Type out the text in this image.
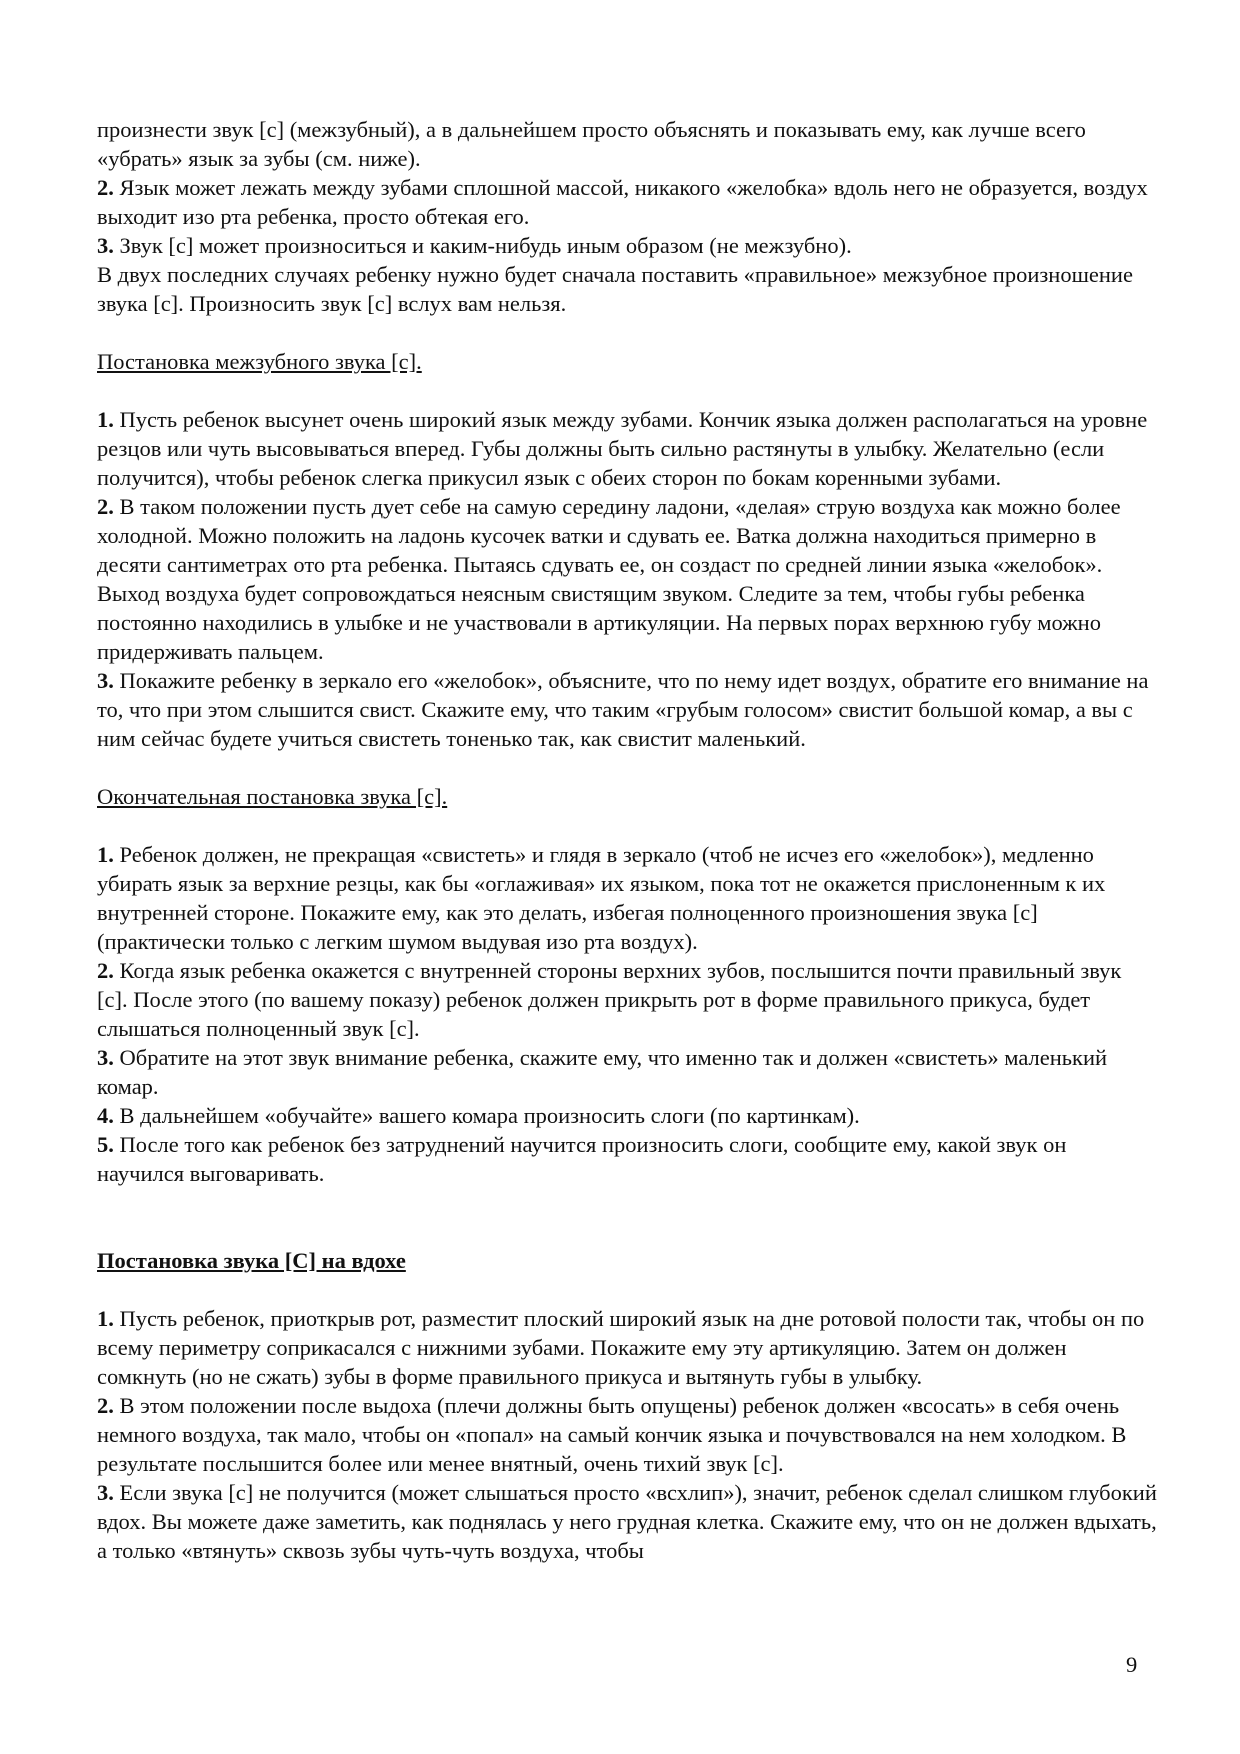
произнести звук [с] (межзубный), а в дальнейшем просто объяснять и показывать ему, как лучше всего «убрать» язык за зубы (см. ниже).

2. Язык может лежать между зубами сплошной массой, никакого «желобка» вдоль него не образуется, воздух выходит изо рта ребенка, просто обтекая его.

3. Звук [с] может произноситься и каким-нибудь иным образом (не межзубно).

В двух последних случаях ребенку нужно будет сначала поставить «правильное» межзубное произношение звука [с]. Произносить звук [с] вслух вам нельзя.

Постановка межзубного звука [с].

1. Пусть ребенок высунет очень широкий язык между зубами. Кончик языка должен располагаться на уровне резцов или чуть высовываться вперед. Губы должны быть сильно растянуты в улыбку. Желательно (если получится), чтобы ребенок слегка прикусил язык с обеих сторон по бокам коренными зубами.

2. В таком положении пусть дует себе на самую середину ладони, «делая» струю воздуха как можно более холодной. Можно положить на ладонь кусочек ватки и сдувать ее. Ватка должна находиться примерно в десяти сантиметрах ото рта ребенка. Пытаясь сдувать ее, он создаст по средней линии языка «желобок». Выход воздуха будет сопровождаться неясным свистящим звуком. Следите за тем, чтобы губы ребенка постоянно находились в улыбке и не участвовали в артикуляции. На первых порах верхнюю губу можно придерживать пальцем.

3. Покажите ребенку в зеркало его «желобок», объясните, что по нему идет воздух, обратите его внимание на то, что при этом слышится свист. Скажите ему, что таким «грубым голосом» свистит большой комар, а вы с ним сейчас будете учиться свистеть тоненько так, как свистит маленький.

Окончательная постановка звука [с].

1. Ребенок должен, не прекращая «свистеть» и глядя в зеркало (чтоб не исчез его «желобок»), медленно убирать язык за верхние резцы, как бы «оглаживая» их языком, пока тот не окажется прислоненным к их внутренней стороне. Покажите ему, как это делать, избегая полноценного произношения звука [с] (практически только с легким шумом выдувая изо рта воздух).

2. Когда язык ребенка окажется с внутренней стороны верхних зубов, послышится почти правильный звук [с]. После этого (по вашему показу) ребенок должен прикрыть рот в форме правильного прикуса, будет слышаться полноценный звук [с].

3. Обратите на этот звук внимание ребенка, скажите ему, что именно так и должен «свистеть» маленький комар.

4. В дальнейшем «обучайте» вашего комара произносить слоги (по картинкам).

5. После того как ребенок без затруднений научится произносить слоги, сообщите ему, какой звук он научился выговаривать.

Постановка звука [С] на вдохе

1. Пусть ребенок, приоткрыв рот, разместит плоский широкий язык на дне ротовой полости так, чтобы он по всему периметру соприкасался с нижними зубами. Покажите ему эту артикуляцию. Затем он должен сомкнуть (но не сжать) зубы в форме правильного прикуса и вытянуть губы в улыбку.

2. В этом положении после выдоха (плечи должны быть опущены) ребенок должен «всосать» в себя очень немного воздуха, так мало, чтобы он «попал» на самый кончик языка и почувствовался на нем холодком. В результате послышится более или менее внятный, очень тихий звук [с].

3. Если звука [с] не получится (может слышаться просто «всхлип»), значит, ребенок сделал слишком глубокий вдох. Вы можете даже заметить, как поднялась у него грудная клетка. Скажите ему, что он не должен вдыхать, а только «втянуть» сквозь зубы чуть-чуть воздуха, чтобы

9
